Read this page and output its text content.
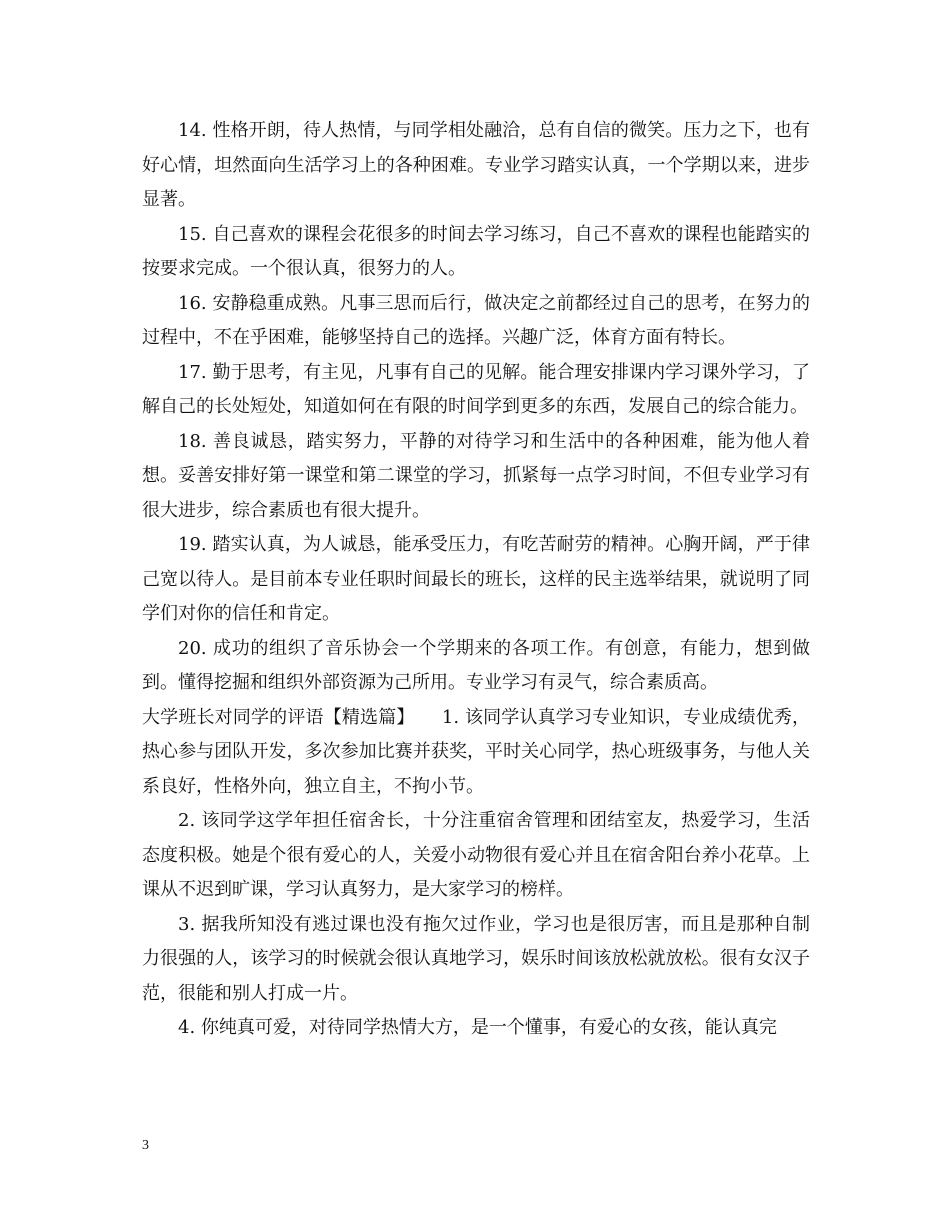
14. 性格开朗，待人热情，与同学相处融洽，总有自信的微笑。压力之下，也有好心情，坦然面向生活学习上的各种困难。专业学习踏实认真，一个学期以来，进步显著。

15. 自己喜欢的课程会花很多的时间去学习练习，自己不喜欢的课程也能踏实的按要求完成。一个很认真，很努力的人。

16. 安静稳重成熟。凡事三思而后行，做决定之前都经过自己的思考，在努力的过程中，不在乎困难，能够坚持自己的选择。兴趣广泛，体育方面有特长。

17. 勤于思考，有主见，凡事有自己的见解。能合理安排课内学习课外学习，了解自己的长处短处，知道如何在有限的时间学到更多的东西，发展自己的综合能力。

18. 善良诚恳，踏实努力，平静的对待学习和生活中的各种困难，能为他人着想。妥善安排好第一课堂和第二课堂的学习，抓紧每一点学习时间，不但专业学习有很大进步，综合素质也有很大提升。

19. 踏实认真，为人诚恳，能承受压力，有吃苦耐劳的精神。心胸开阔，严于律己宽以待人。是目前本专业任职时间最长的班长，这样的民主选举结果，就说明了同学们对你的信任和肯定。

20. 成功的组织了音乐协会一个学期来的各项工作。有创意，有能力，想到做到。懂得挖掘和组织外部资源为己所用。专业学习有灵气，综合素质高。

大学班长对同学的评语【精选篇】　　1. 该同学认真学习专业知识，专业成绩优秀，热心参与团队开发，多次参加比赛并获奖，平时关心同学，热心班级事务，与他人关系良好，性格外向，独立自主，不拘小节。

2. 该同学这学年担任宿舍长，十分注重宿舍管理和团结室友，热爱学习，生活态度积极。她是个很有爱心的人，关爱小动物很有爱心并且在宿舍阳台养小花草。上课从不迟到旷课，学习认真努力，是大家学习的榜样。

3. 据我所知没有逃过课也没有拖欠过作业，学习也是很厉害，而且是那种自制力很强的人，该学习的时候就会很认真地学习，娱乐时间该放松就放松。很有女汉子范，很能和别人打成一片。

4. 你纯真可爱，对待同学热情大方，是一个懂事，有爱心的女孩，能认真完

3
